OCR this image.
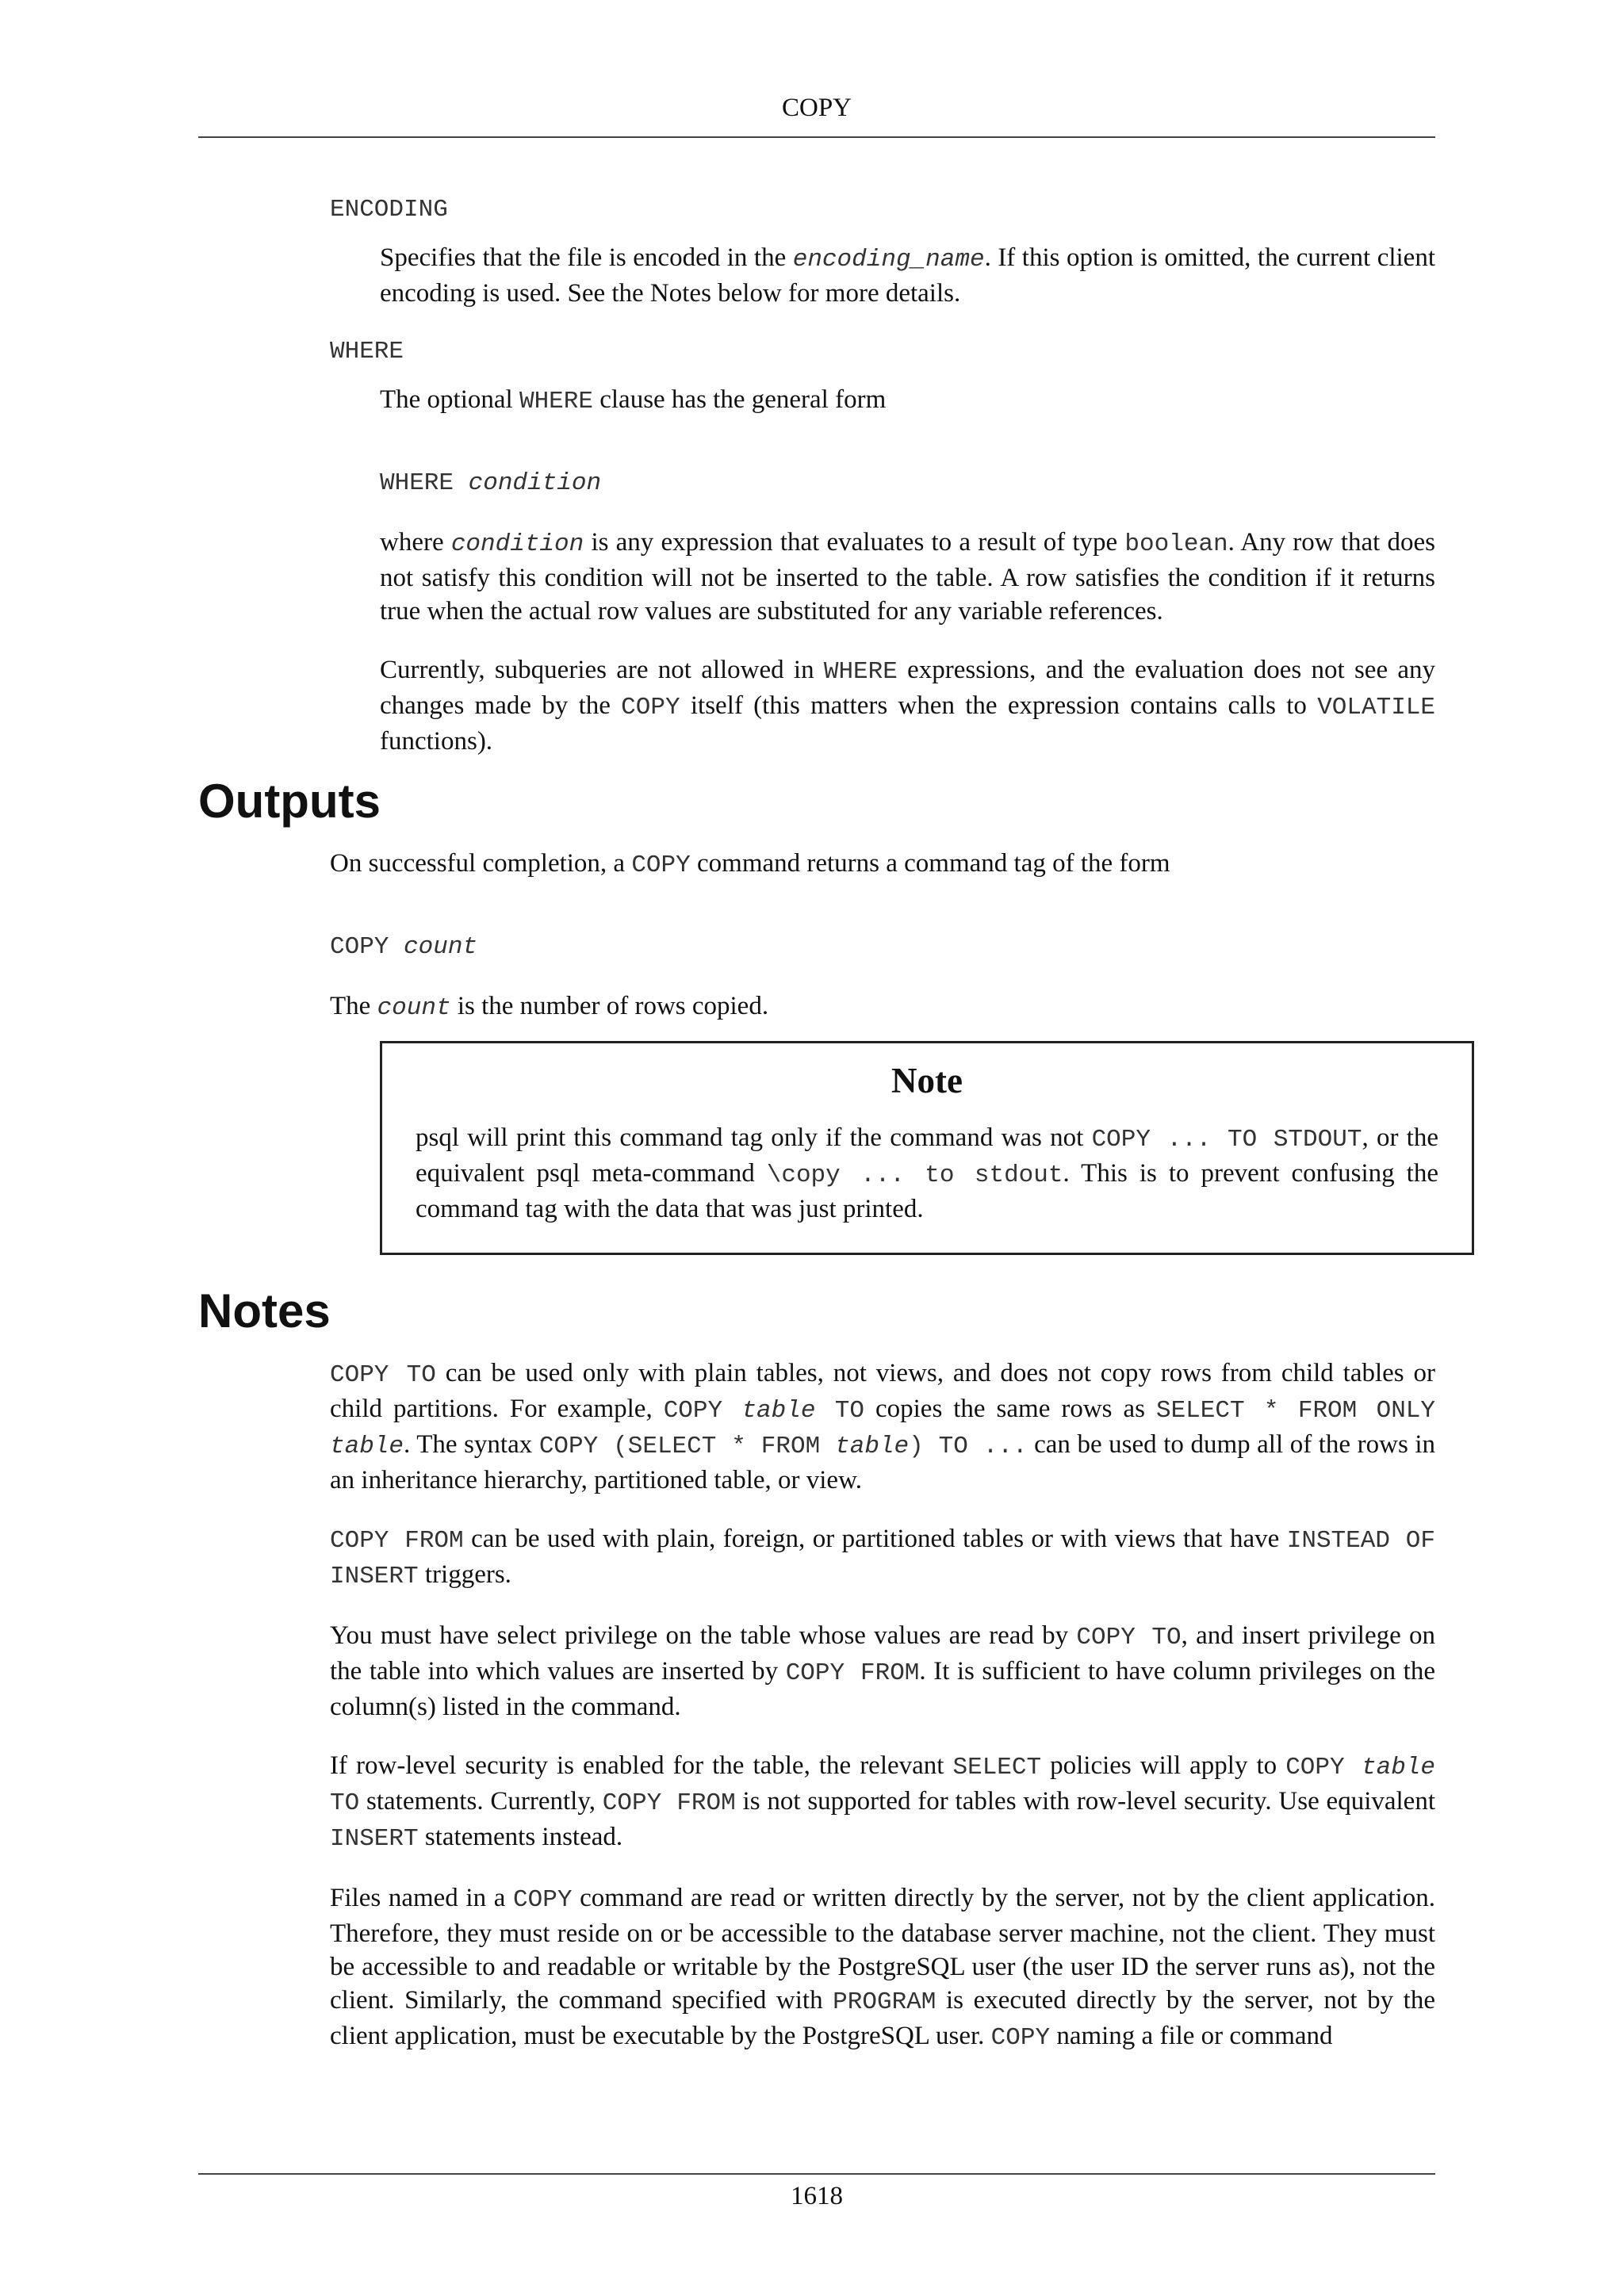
COPY
ENCODING

Specifies that the file is encoded in the encoding_name. If this option is omitted, the current client encoding is used. See the Notes below for more details.

WHERE

The optional WHERE clause has the general form

WHERE condition

where condition is any expression that evaluates to a result of type boolean. Any row that does not satisfy this condition will not be inserted to the table. A row satisfies the condition if it returns true when the actual row values are substituted for any variable references.

Currently, subqueries are not allowed in WHERE expressions, and the evaluation does not see any changes made by the COPY itself (this matters when the expression contains calls to VOLATILE functions).

Outputs

On successful completion, a COPY command returns a command tag of the form

COPY count

The count is the number of rows copied.

Note

psql will print this command tag only if the command was not COPY ... TO STDOUT, or the equivalent psql meta-command \copy ... to stdout. This is to prevent confusing the command tag with the data that was just printed.

Notes

COPY TO can be used only with plain tables, not views, and does not copy rows from child tables or child partitions. For example, COPY table TO copies the same rows as SELECT * FROM ONLY table. The syntax COPY (SELECT * FROM table) TO ... can be used to dump all of the rows in an inheritance hierarchy, partitioned table, or view.

COPY FROM can be used with plain, foreign, or partitioned tables or with views that have INSTEAD OF INSERT triggers.

You must have select privilege on the table whose values are read by COPY TO, and insert privilege on the table into which values are inserted by COPY FROM. It is sufficient to have column privileges on the column(s) listed in the command.

If row-level security is enabled for the table, the relevant SELECT policies will apply to COPY table TO statements. Currently, COPY FROM is not supported for tables with row-level security. Use equivalent INSERT statements instead.

Files named in a COPY command are read or written directly by the server, not by the client application. Therefore, they must reside on or be accessible to the database server machine, not the client. They must be accessible to and readable or writable by the PostgreSQL user (the user ID the server runs as), not the client. Similarly, the command specified with PROGRAM is executed directly by the server, not by the client application, must be executable by the PostgreSQL user. COPY naming a file or command

1618
